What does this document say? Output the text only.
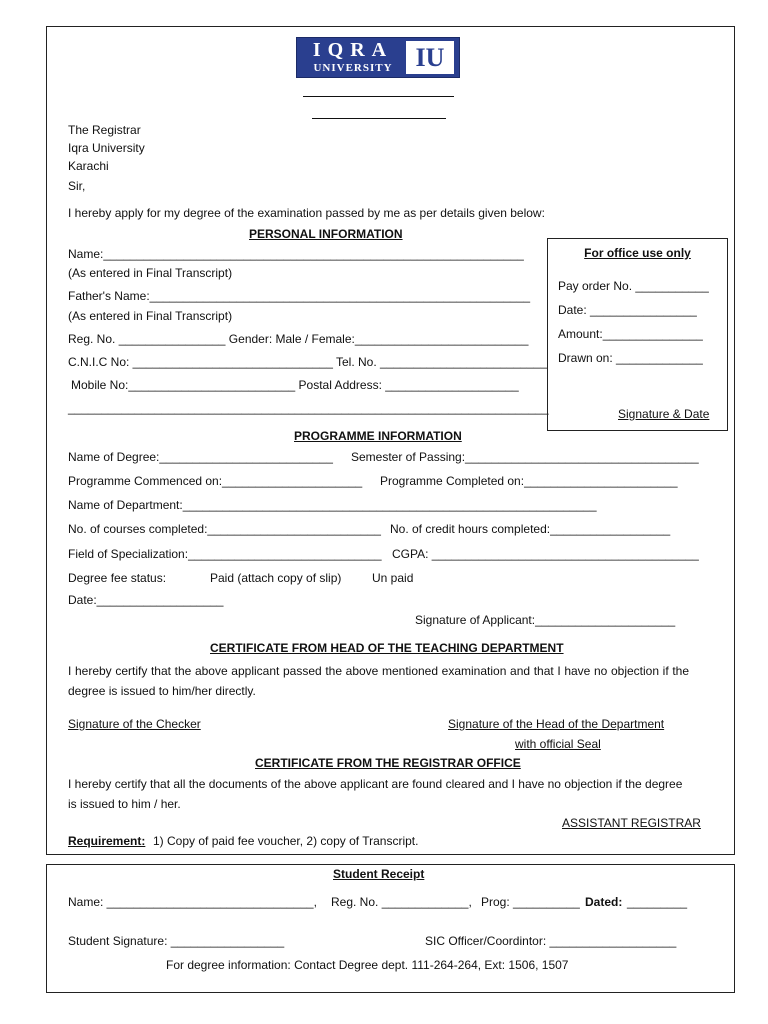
IQRA
UNIVERSITY IU
The Registrar
Iqra University
Karachi
Sir,
I hereby apply for my degree of the examination passed by me as per details given below:
PERSONAL INFORMATION
Name:_______________________________________________________________
(As entered in Final Transcript)
Father's Name:_________________________________________________________
(As entered in Final Transcript)
Reg. No. ________________ Gender: Male / Female:__________________________
C.N.I.C No: ______________________________ Tel. No. _________________________
Mobile No:_________________________ Postal Address: ____________________
________________________________________________________________________
For office use only
Pay order No. ___________
Date: ________________
Amount:_______________
Drawn on: _____________
Signature & Date
PROGRAMME INFORMATION
Name of Degree:__________________________ Semester of Passing:___________________________________
Programme Commenced on:_____________________ Programme Completed on:_______________________
Name of Department:______________________________________________________________
No. of courses completed:__________________________ No. of credit hours completed:__________________
Field of Specialization:_____________________________ CGPA: ________________________________________
Degree fee status:	Paid (attach copy of slip)	Un paid
Date:___________________
Signature of Applicant:_____________________
CERTIFICATE FROM HEAD OF THE TEACHING DEPARTMENT
I hereby certify that the above applicant passed the above mentioned examination and that I have no objection if the degree is issued to him/her directly.
Signature of the Checker	Signature of the Head of the Department
with official Seal
CERTIFICATE FROM THE REGISTRAR OFFICE
I hereby certify that all the documents of the above applicant are found cleared and I have no objection if the degree is issued to him / her.
ASSISTANT REGISTRAR
Requirement: 1) Copy of paid fee voucher, 2) copy of Transcript.
Student Receipt
Name: _______________________________, Reg. No. _____________, Prog: __________ Dated: _________
Student Signature: _________________	SIC Officer/Coordintor: ___________________
For degree information: Contact Degree dept. 111-264-264, Ext: 1506, 1507
